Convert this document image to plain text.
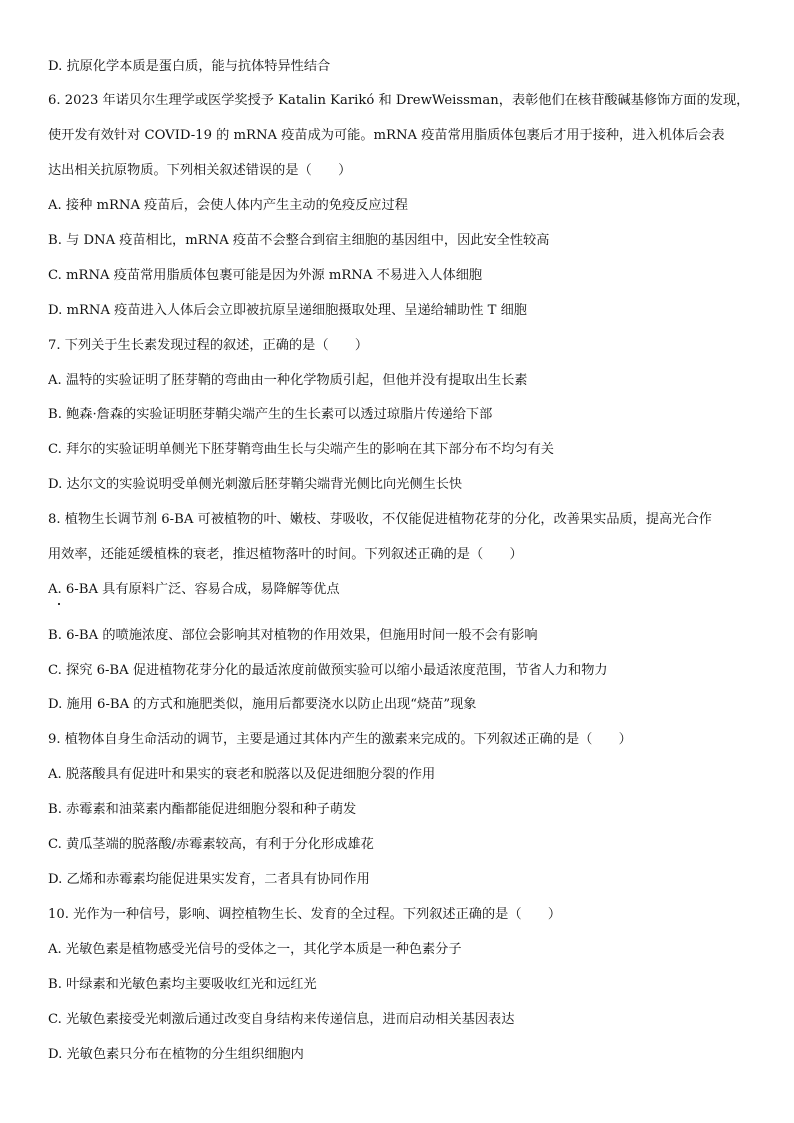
D. 抗原化学本质是蛋白质，能与抗体特异性结合
6. 2023 年诺贝尔生理学或医学奖授予 Katalin Karikó 和 DrewWeissman，表彰他们在核苷酸碱基修饰方面的发现，
使开发有效针对 COVID-19 的 mRNA 疫苗成为可能。mRNA 疫苗常用脂质体包裹后才用于接种，进入机体后会表
达出相关抗原物质。下列相关叙述错误的是（　　）
A. 接种 mRNA 疫苗后，会使人体内产生主动的免疫反应过程
B. 与 DNA 疫苗相比，mRNA 疫苗不会整合到宿主细胞的基因组中，因此安全性较高
C. mRNA 疫苗常用脂质体包裹可能是因为外源 mRNA 不易进入人体细胞
D. mRNA 疫苗进入人体后会立即被抗原呈递细胞摄取处理、呈递给辅助性 T 细胞
7. 下列关于生长素发现过程的叙述，正确的是（　　）
A. 温特的实验证明了胚芽鞘的弯曲由一种化学物质引起，但他并没有提取出生长素
B. 鲍森·詹森的实验证明胚芽鞘尖端产生的生长素可以透过琼脂片传递给下部
C. 拜尔的实验证明单侧光下胚芽鞘弯曲生长与尖端产生的影响在其下部分布不均匀有关
D. 达尔文的实验说明受单侧光刺激后胚芽鞘尖端背光侧比向光侧生长快
8. 植物生长调节剂 6-BA 可被植物的叶、嫩枝、芽吸收，不仅能促进植物花芽的分化，改善果实品质，提高光合作
用效率，还能延缓植株的衰老，推迟植物落叶的时间。下列叙述正确的是（　　）
A. 6-BA 具有原料广泛、容易合成，易降解等优点
B. 6-BA 的喷施浓度、部位会影响其对植物的作用效果，但施用时间一般不会有影响
C. 探究 6-BA 促进植物花芽分化的最适浓度前做预实验可以缩小最适浓度范围，节省人力和物力
D. 施用 6-BA 的方式和施肥类似，施用后都要浇水以防止出现“烧苗”现象
9. 植物体自身生命活动的调节，主要是通过其体内产生的激素来完成的。下列叙述正确的是（　　）
A. 脱落酸具有促进叶和果实的衰老和脱落以及促进细胞分裂的作用
B. 赤霉素和油菜素内酯都能促进细胞分裂和种子萌发
C. 黄瓜茎端的脱落酸/赤霉素较高，有利于分化形成雄花
D. 乙烯和赤霉素均能促进果实发育，二者具有协同作用
10. 光作为一种信号，影响、调控植物生长、发育的全过程。下列叙述正确的是（　　）
A. 光敏色素是植物感受光信号的受体之一，其化学本质是一种色素分子
B. 叶绿素和光敏色素均主要吸收红光和远红光
C. 光敏色素接受光刺激后通过改变自身结构来传递信息，进而启动相关基因表达
D. 光敏色素只分布在植物的分生组织细胞内
